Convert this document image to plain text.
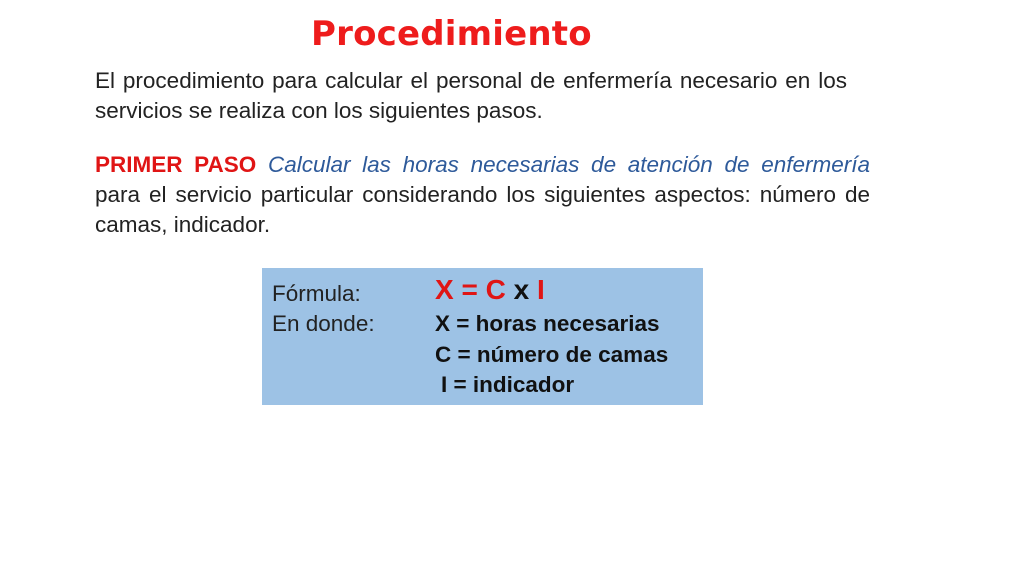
Procedimiento

El procedimiento para calcular el personal de enfermería necesario en los servicios se realiza con los siguientes pasos.

PRIMER PASO Calcular las horas necesarias de atención de enfermería para el servicio particular considerando los siguientes aspectos: número de camas, indicador.

Fórmula:	X = C x I
En donde:	X = horas necesarias
C = número de camas
I = indicador
